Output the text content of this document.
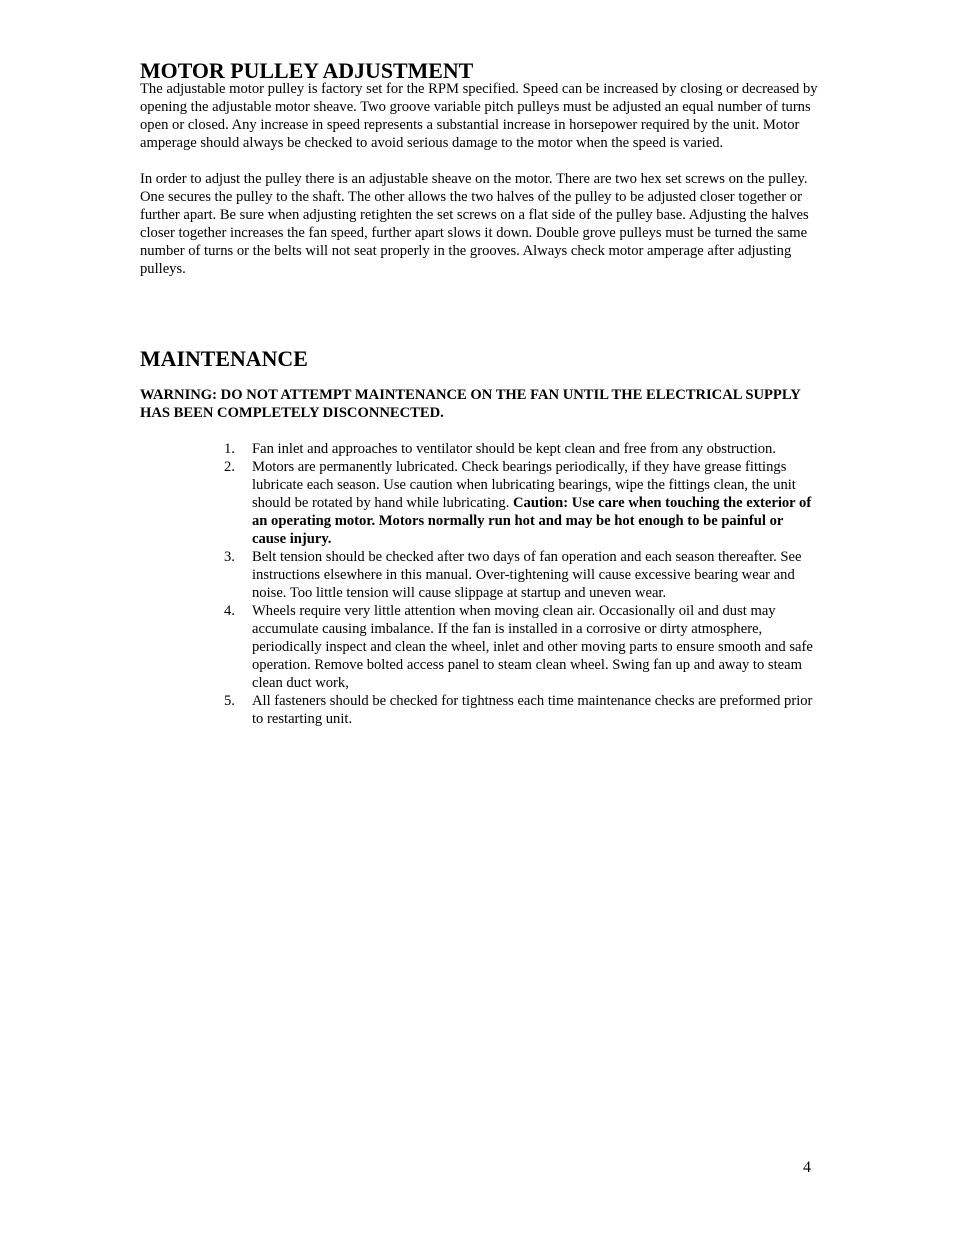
MOTOR PULLEY ADJUSTMENT

The adjustable motor pulley is factory set for the RPM specified. Speed can be increased by closing or decreased by opening the adjustable motor sheave. Two groove variable pitch pulleys must be adjusted an equal number of turns open or closed. Any increase in speed represents a substantial increase in horsepower required by the unit. Motor amperage should always be checked to avoid serious damage to the motor when the speed is varied.

In order to adjust the pulley there is an adjustable sheave on the motor. There are two hex set screws on the pulley. One secures the pulley to the shaft. The other allows the two halves of the pulley to be adjusted closer together or further apart. Be sure when adjusting retighten the set screws on a flat side of the pulley base. Adjusting the halves closer together increases the fan speed, further apart slows it down. Double grove pulleys must be turned the same number of turns or the belts will not seat properly in the grooves. Always check motor amperage after adjusting pulleys.

MAINTENANCE

WARNING: DO NOT ATTEMPT MAINTENANCE ON THE FAN UNTIL THE ELECTRICAL SUPPLY HAS BEEN COMPLETELY DISCONNECTED.

1. Fan inlet and approaches to ventilator should be kept clean and free from any obstruction.
2. Motors are permanently lubricated. Check bearings periodically, if they have grease fittings lubricate each season. Use caution when lubricating bearings, wipe the fittings clean, the unit should be rotated by hand while lubricating. Caution: Use care when touching the exterior of an operating motor. Motors normally run hot and may be hot enough to be painful or cause injury.
3. Belt tension should be checked after two days of fan operation and each season thereafter. See instructions elsewhere in this manual. Over-tightening will cause excessive bearing wear and noise. Too little tension will cause slippage at startup and uneven wear.
4. Wheels require very little attention when moving clean air. Occasionally oil and dust may accumulate causing imbalance. If the fan is installed in a corrosive or dirty atmosphere, periodically inspect and clean the wheel, inlet and other moving parts to ensure smooth and safe operation. Remove bolted access panel to steam clean wheel. Swing fan up and away to steam clean duct work,
5. All fasteners should be checked for tightness each time maintenance checks are preformed prior to restarting unit.
4
